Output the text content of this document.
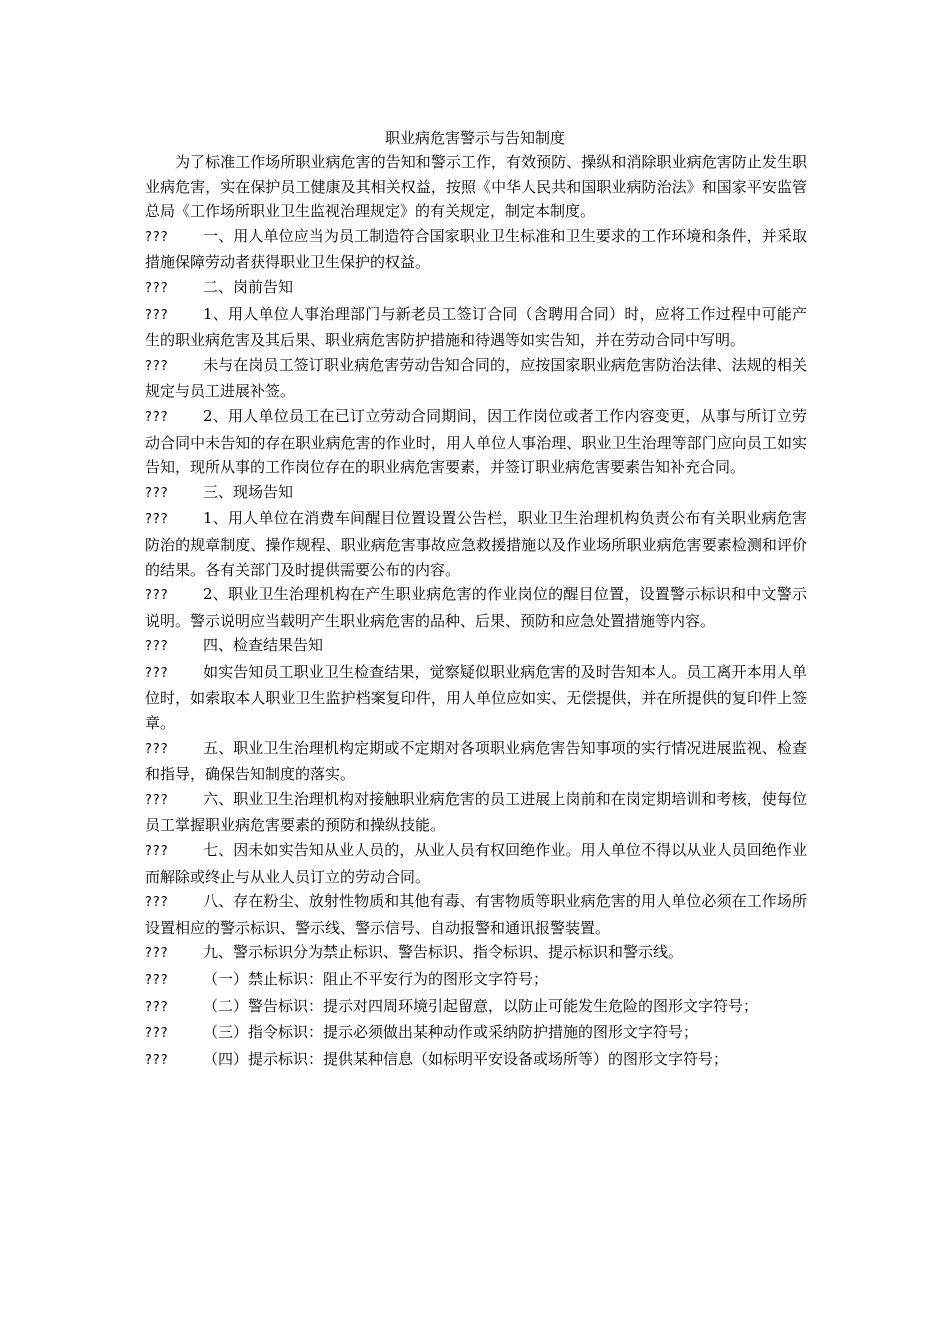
职业病危害警示与告知制度

为了标准工作场所职业病危害的告知和警示工作，有效预防、操纵和消除职业病危害防止发生职业病危害，实在保护员工健康及其相关权益，按照《中华人民共和国职业病防治法》和国家平安监管总局《工作场所职业卫生监视治理规定》的有关规定，制定本制度。

??? 一、用人单位应当为员工制造符合国家职业卫生标准和卫生要求的工作环境和条件，并采取措施保障劳动者获得职业卫生保护的权益。

??? 二、岗前告知

??? 1、用人单位人事治理部门与新老员工签订合同（含聘用合同）时，应将工作过程中可能产生的职业病危害及其后果、职业病危害防护措施和待遇等如实告知，并在劳动合同中写明。

??? 未与在岗员工签订职业病危害劳动告知合同的，应按国家职业病危害防治法律、法规的相关规定与员工进展补签。

??? 2、用人单位员工在已订立劳动合同期间，因工作岗位或者工作内容变更，从事与所订立劳动合同中未告知的存在职业病危害的作业时，用人单位人事治理、职业卫生治理等部门应向员工如实告知，现所从事的工作岗位存在的职业病危害要素，并签订职业病危害要素告知补充合同。

??? 三、现场告知

??? 1、用人单位在消费车间醒目位置设置公告栏，职业卫生治理机构负责公布有关职业病危害防治的规章制度、操作规程、职业病危害事故应急救援措施以及作业场所职业病危害要素检测和评价的结果。各有关部门及时提供需要公布的内容。

??? 2、职业卫生治理机构在产生职业病危害的作业岗位的醒目位置，设置警示标识和中文警示说明。警示说明应当载明产生职业病危害的品种、后果、预防和应急处置措施等内容。

??? 四、检查结果告知

??? 如实告知员工职业卫生检查结果，觉察疑似职业病危害的及时告知本人。员工离开本用人单位时，如索取本人职业卫生监护档案复印件，用人单位应如实、无偿提供，并在所提供的复印件上签章。

??? 五、职业卫生治理机构定期或不定期对各项职业病危害告知事项的实行情况进展监视、检查和指导，确保告知制度的落实。

??? 六、职业卫生治理机构对接触职业病危害的员工进展上岗前和在岗定期培训和考核，使每位员工掌握职业病危害要素的预防和操纵技能。

??? 七、因未如实告知从业人员的，从业人员有权回绝作业。用人单位不得以从业人员回绝作业而解除或终止与从业人员订立的劳动合同。

??? 八、存在粉尘、放射性物质和其他有毒、有害物质等职业病危害的用人单位必须在工作场所设置相应的警示标识、警示线、警示信号、自动报警和通讯报警装置。

??? 九、警示标识分为禁止标识、警告标识、指令标识、提示标识和警示线。

??? （一）禁止标识：阻止不平安行为的图形文字符号；

??? （二）警告标识：提示对四周环境引起留意，以防止可能发生危险的图形文字符号；

??? （三）指令标识：提示必须做出某种动作或采纳防护措施的图形文字符号；

??? （四）提示标识：提供某种信息（如标明平安设备或场所等）的图形文字符号；
